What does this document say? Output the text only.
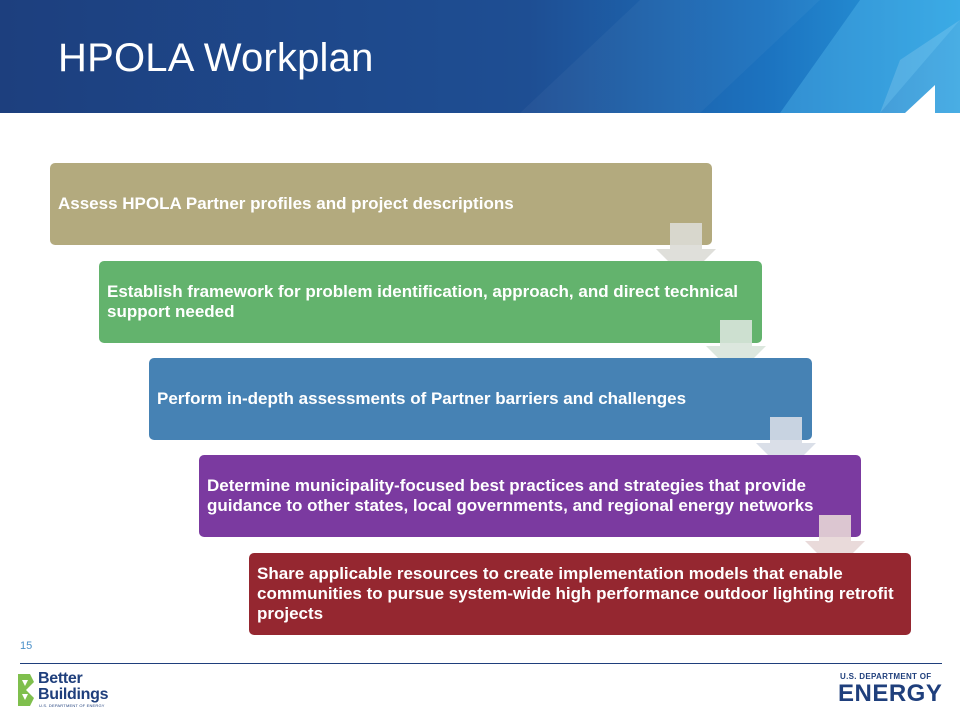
HPOLA Workplan
Assess HPOLA Partner profiles and project descriptions
Establish framework for problem identification, approach, and direct technical support needed
Perform in-depth assessments of Partner barriers and challenges
Determine municipality-focused best practices and strategies that provide guidance to other states, local governments, and regional energy networks
Share applicable resources to create implementation models that enable communities to pursue system-wide high performance outdoor lighting retrofit projects
15
Better
Buildings
U.S. DEPARTMENT OF ENERGY
U.S. DEPARTMENT OF
ENERGY
